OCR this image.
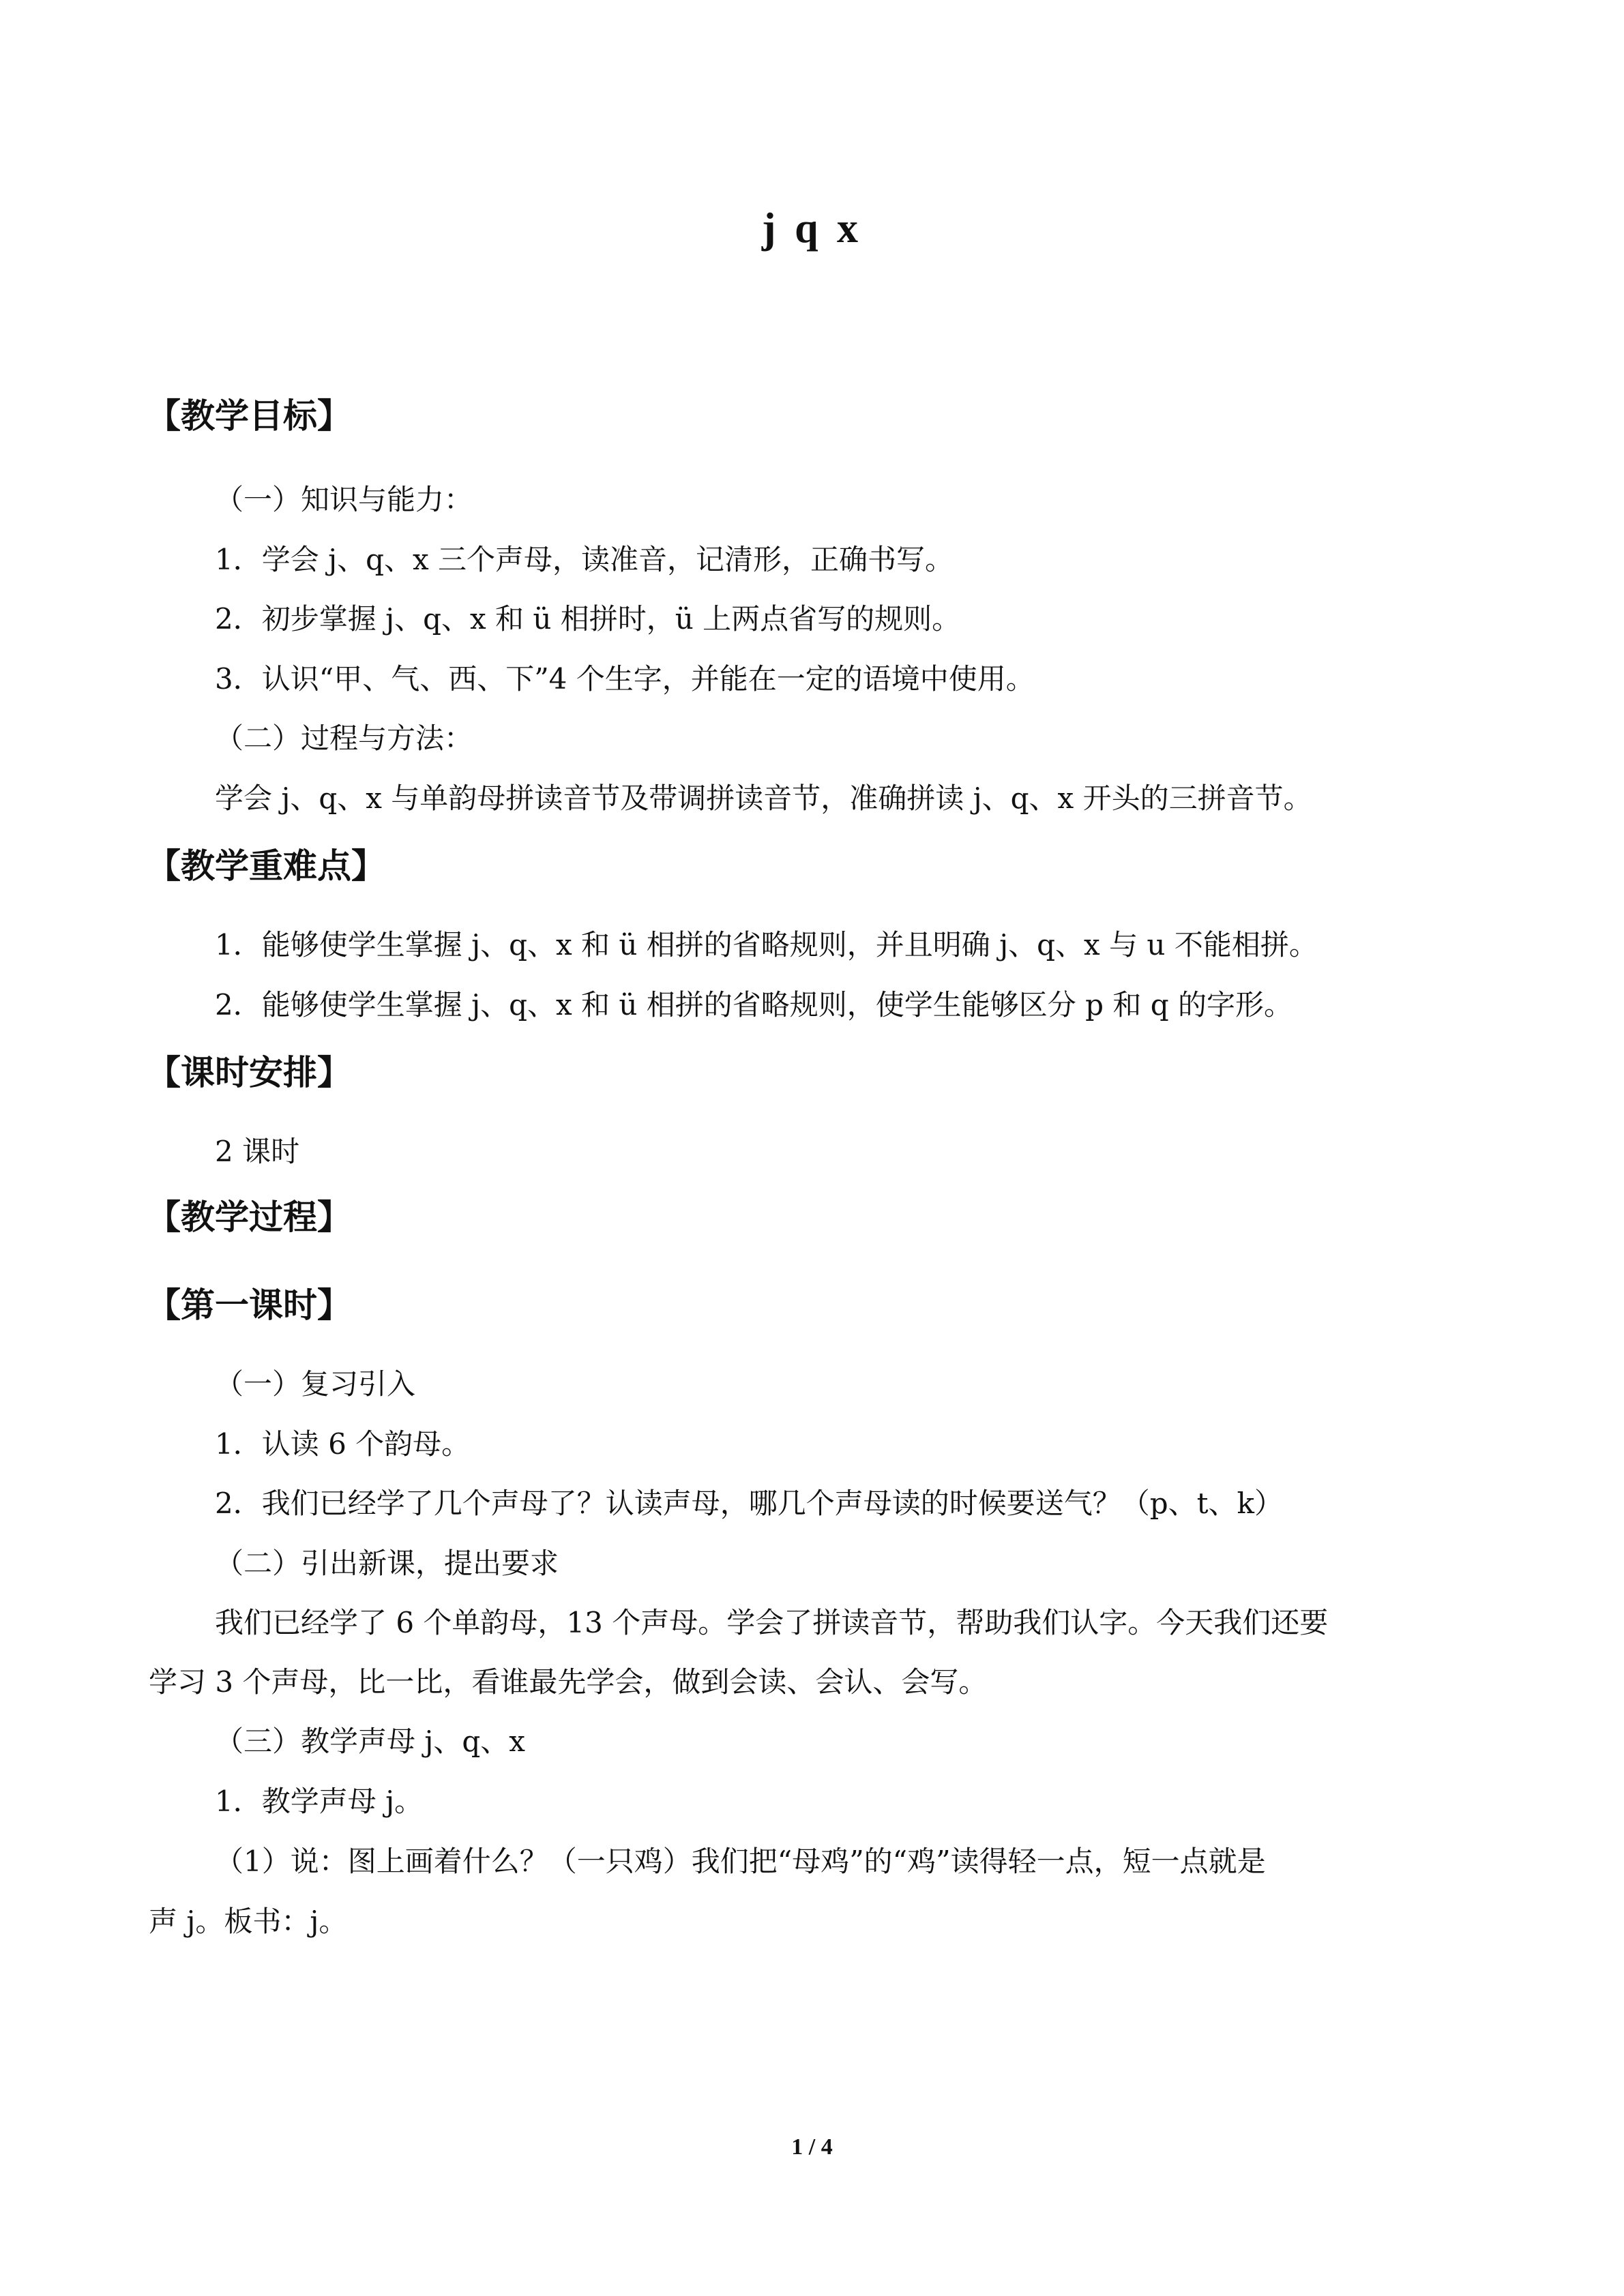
j q x
【教学目标】
（一）知识与能力：
1．学会 j、q、x 三个声母，读准音，记清形，正确书写。
2．初步掌握 j、q、x 和 ü 相拼时，ü 上两点省写的规则。
3．认识“甲、气、西、下”4 个生字，并能在一定的语境中使用。
（二）过程与方法：
学会 j、q、x 与单韵母拼读音节及带调拼读音节，准确拼读 j、q、x 开头的三拼音节。
【教学重难点】
1．能够使学生掌握 j、q、x 和 ü 相拼的省略规则，并且明确 j、q、x 与 u 不能相拼。
2．能够使学生掌握 j、q、x 和 ü 相拼的省略规则，使学生能够区分 p 和 q 的字形。
【课时安排】
2 课时
【教学过程】
【第一课时】
（一）复习引入
1．认读 6 个韵母。
2．我们已经学了几个声母了？认读声母，哪几个声母读的时候要送气？（p、t、k）
（二）引出新课，提出要求
我们已经学了 6 个单韵母，13 个声母。学会了拼读音节，帮助我们认字。今天我们还要
学习 3 个声母，比一比，看谁最先学会，做到会读、会认、会写。
（三）教学声母 j、q、x
1．教学声母 j。
（1）说：图上画着什么？（一只鸡）我们把“母鸡”的“鸡”读得轻一点，短一点就是
声 j。板书：j。
1 / 4
